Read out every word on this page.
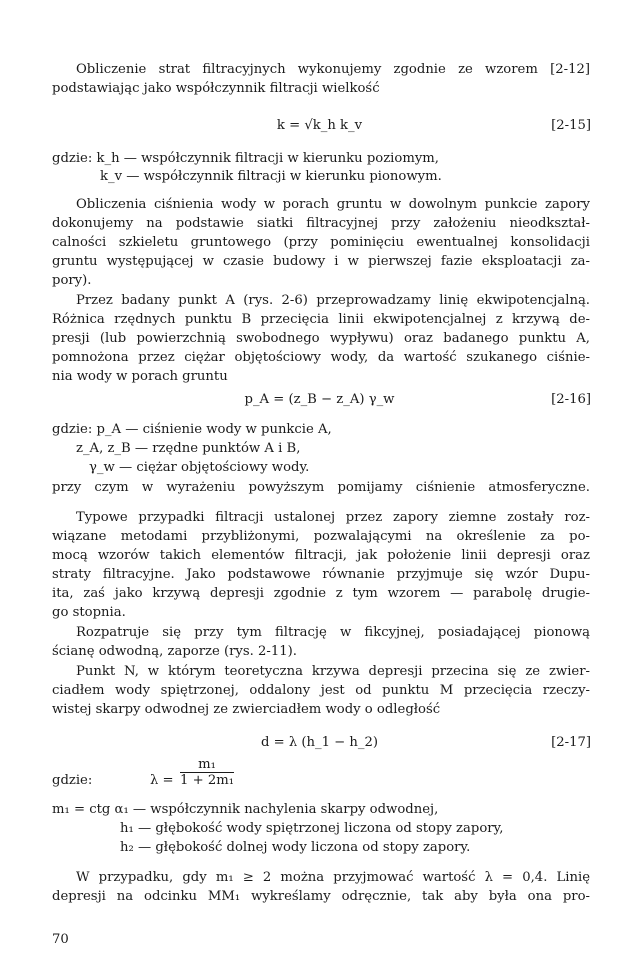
Obliczenie strat filtracyjnych wykonujemy zgodnie ze wzorem [2-12]
podstawiając jako współczynnik filtracji wielkość
k = √k_h k_v	[2-15]
gdzie: k_h — współczynnik filtracji w kierunku poziomym,
k_v — współczynnik filtracji w kierunku pionowym.
Obliczenia ciśnienia wody w porach gruntu w dowolnym punkcie zapory
dokonujemy na podstawie siatki filtracyjnej przy założeniu nieodkształ-
calności szkieletu gruntowego (przy pominięciu ewentualnej konsolidacji
gruntu występującej w czasie budowy i w pierwszej fazie eksploatacji za-
pory).
Przez badany punkt A (rys. 2-6) przeprowadzamy linię ekwipotencjalną.
Różnica rzędnych punktu B przecięcia linii ekwipotencjalnej z krzywą de-
presji (lub powierzchnią swobodnego wypływu) oraz badanego punktu A,
pomnożona przez ciężar objętościowy wody, da wartość szukanego ciśnie-
nia wody w porach gruntu
p_A = (z_B − z_A) γ_w	[2-16]
gdzie: p_A — ciśnienie wody w punkcie A,
z_A, z_B — rzędne punktów A i B,
γ_w — ciężar objętościowy wody.
przy czym w wyrażeniu powyższym pomijamy ciśnienie atmosferyczne.
Typowe przypadki filtracji ustalonej przez zapory ziemne zostały roz-
wiązane metodami przybliżonymi, pozwalającymi na określenie za po-
mocą wzorów takich elementów filtracji, jak położenie linii depresji oraz
straty filtracyjne. Jako podstawowe równanie przyjmuje się wzór Dupu-
ita, zaś jako krzywą depresji zgodnie z tym wzorem — parabolę drugie-
go stopnia.
Rozpatruje się przy tym filtrację w fikcyjnej, posiadającej pionową
ścianę odwodną, zaporze (rys. 2-11).
Punkt N, w którym teoretyczna krzywa depresji przecina się ze zwier-
ciadłem wody spiętrzonej, oddalony jest od punktu M przecięcia rzeczy-
wistej skarpy odwodnej ze zwierciadłem wody o odległość
d = λ (h_1 − h_2)	[2-17]
gdzie:	$\lambda = \frac{\text{m₁}}{\text{1 + 2m₁}}$
m₁ = ctg α₁ — współczynnik nachylenia skarpy odwodnej,
h₁ — głębokość wody spiętrzonej liczona od stopy zapory,
h₂ — głębokość dolnej wody liczona od stopy zapory.
W przypadku, gdy m₁ ≥ 2 można przyjmować wartość λ = 0,4. Linię
depresji na odcinku MM₁ wykreślamy odręcznie, tak aby była ona pro-
70
